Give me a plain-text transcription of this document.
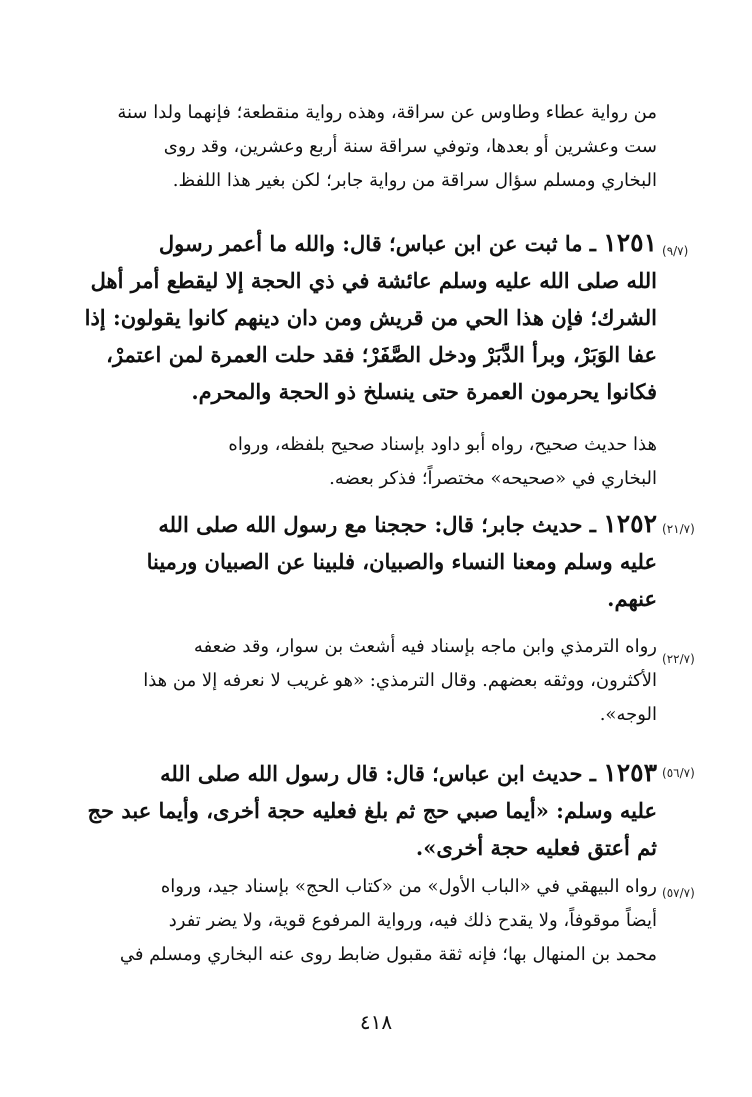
من رواية عطاء وطاوس عن سراقة، وهذه رواية منقطعة؛ فإنهما ولدا سنة
ست وعشرين أو بعدها، وتوفي سراقة سنة أربع وعشرين، وقد روى
البخاري ومسلم سؤال سراقة من رواية جابر؛ لكن بغير هذا اللفظ.
(٩/٧)
١٢٥١ ـ ما ثبت عن ابن عباس؛ قال: والله ما أعمر رسول
الله صلى الله عليه وسلم عائشة في ذي الحجة إلا ليقطع أمر أهل
الشرك؛ فإن هذا الحي من قريش ومن دان دينهم كانوا يقولون: إذا
عفا الوَبَرْ، وبرأ الدَّبَرْ ودخل الصَّفَرْ؛ فقد حلت العمرة لمن اعتمرْ،
فكانوا يحرمون العمرة حتى ينسلخ ذو الحجة والمحرم.
هذا حديث صحيح، رواه أبو داود بإسناد صحيح بلفظه، ورواه
البخاري في «صحيحه» مختصراً؛ فذكر بعضه.
(٢١/٧)
١٢٥٢ ـ حديث جابر؛ قال: حججنا مع رسول الله صلى الله
عليه وسلم ومعنا النساء والصبيان، فلبينا عن الصبيان ورمينا
عنهم.
(٢٢/٧)
رواه الترمذي وابن ماجه بإسناد فيه أشعث بن سوار، وقد ضعفه
الأكثرون، ووثقه بعضهم. وقال الترمذي: «هو غريب لا نعرفه إلا من هذا
الوجه».
(٥٦/٧)
١٢٥٣ ـ حديث ابن عباس؛ قال: قال رسول الله صلى الله
عليه وسلم: «أيما صبي حج ثم بلغ فعليه حجة أخرى، وأيما عبد حج
ثم أعتق فعليه حجة أخرى».
(٥٧/٧)
رواه البيهقي في «الباب الأول» من «كتاب الحج» بإسناد جيد، ورواه
أيضاً موقوفاً، ولا يقدح ذلك فيه، ورواية المرفوع قوية، ولا يضر تفرد
محمد بن المنهال بها؛ فإنه ثقة مقبول ضابط روى عنه البخاري ومسلم في
٤١٨
